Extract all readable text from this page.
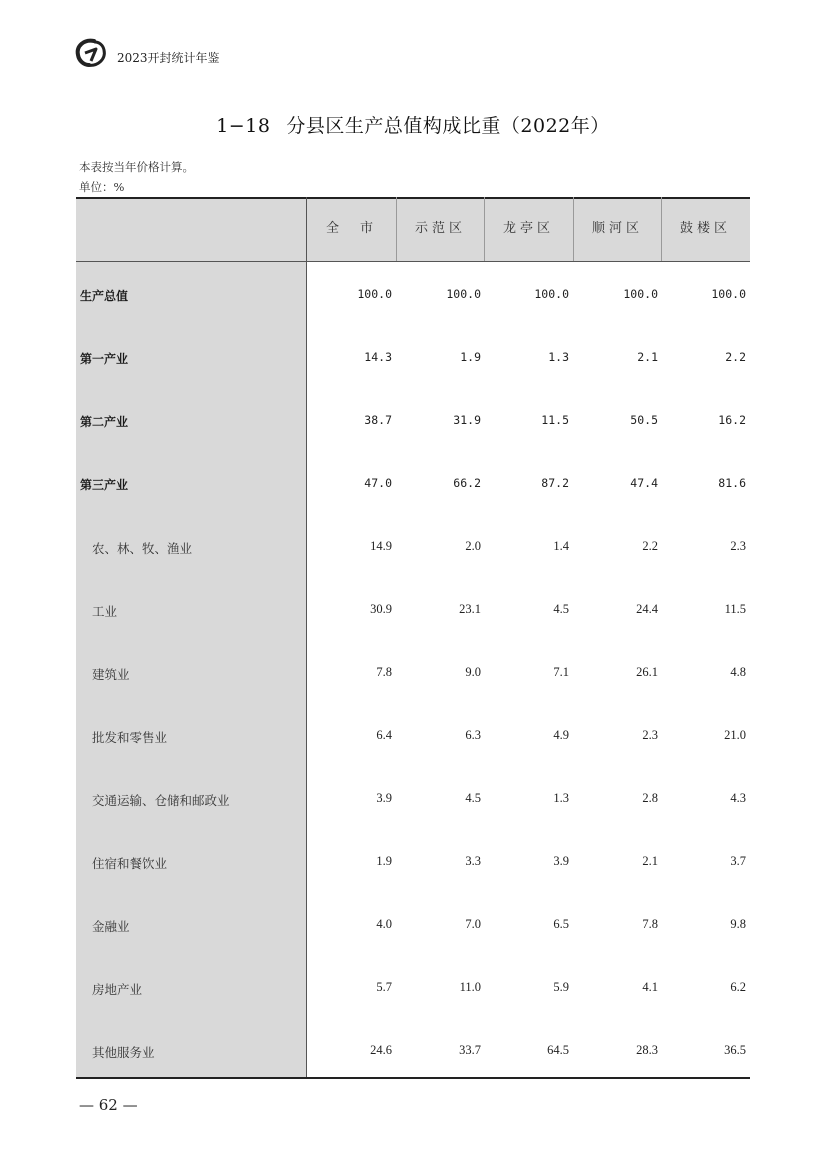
2023开封统计年鉴
1−18 分县区生产总值构成比重（2022年）
本表按当年价格计算。
单位：%
全　市	示范区	龙亭区	顺河区	鼓楼区
生产总值	100.0	100.0	100.0	100.0	100.0
第一产业	14.3	1.9	1.3	2.1	2.2
第二产业	38.7	31.9	11.5	50.5	16.2
第三产业	47.0	66.2	87.2	47.4	81.6
农、林、牧、渔业	14.9	2.0	1.4	2.2	2.3
工业	30.9	23.1	4.5	24.4	11.5
建筑业	7.8	9.0	7.1	26.1	4.8
批发和零售业	6.4	6.3	4.9	2.3	21.0
交通运输、仓储和邮政业	3.9	4.5	1.3	2.8	4.3
住宿和餐饮业	1.9	3.3	3.9	2.1	3.7
金融业	4.0	7.0	6.5	7.8	9.8
房地产业	5.7	11.0	5.9	4.1	6.2
其他服务业	24.6	33.7	64.5	28.3	36.5
— 62 —
